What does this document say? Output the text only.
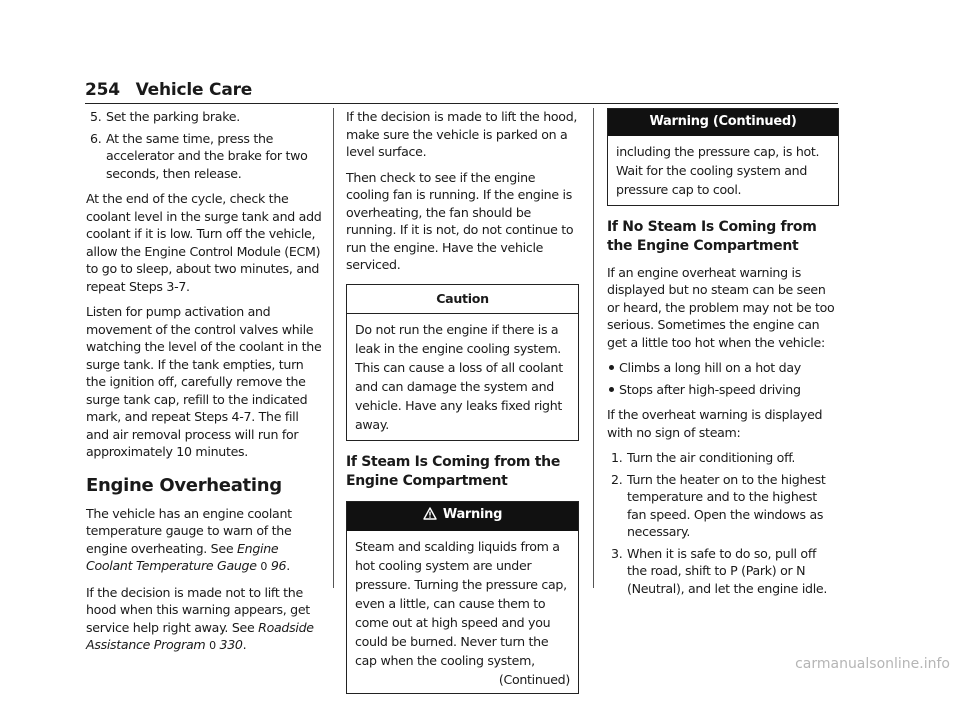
254 Vehicle Care
5. Set the parking brake.
6. At the same time, press the accelerator and the brake for two seconds, then release.

At the end of the cycle, check the coolant level in the surge tank and add coolant if it is low. Turn off the vehicle, allow the Engine Control Module (ECM) to go to sleep, about two minutes, and repeat Steps 3-7.

Listen for pump activation and movement of the control valves while watching the level of the coolant in the surge tank. If the tank empties, turn the ignition off, carefully remove the surge tank cap, refill to the indicated mark, and repeat Steps 4-7. The fill and air removal process will run for approximately 10 minutes.

Engine Overheating

The vehicle has an engine coolant temperature gauge to warn of the engine overheating. See Engine Coolant Temperature Gauge 0 96.

If the decision is made not to lift the hood when this warning appears, get service help right away. See Roadside Assistance Program 0 330.

If the decision is made to lift the hood, make sure the vehicle is parked on a level surface.

Then check to see if the engine cooling fan is running. If the engine is overheating, the fan should be running. If it is not, do not continue to run the engine. Have the vehicle serviced.

Caution

Do not run the engine if there is a leak in the engine cooling system. This can cause a loss of all coolant and can damage the system and vehicle. Have any leaks fixed right away.

If Steam Is Coming from the Engine Compartment
Warning

Steam and scalding liquids from a hot cooling system are under pressure. Turning the pressure cap, even a little, can cause them to come out at high speed and you could be burned. Never turn the cap when the cooling system,

(Continued)
Warning (Continued)

including the pressure cap, is hot. Wait for the cooling system and pressure cap to cool.

If No Steam Is Coming from the Engine Compartment

If an engine overheat warning is displayed but no steam can be seen or heard, the problem may not be too serious. Sometimes the engine can get a little too hot when the vehicle:

Climbs a long hill on a hot day
Stops after high-speed driving

If the overheat warning is displayed with no sign of steam:

1. Turn the air conditioning off.
2. Turn the heater on to the highest temperature and to the highest fan speed. Open the windows as necessary.
3. When it is safe to do so, pull off the road, shift to P (Park) or N (Neutral), and let the engine idle.
carmanualsonline.info
